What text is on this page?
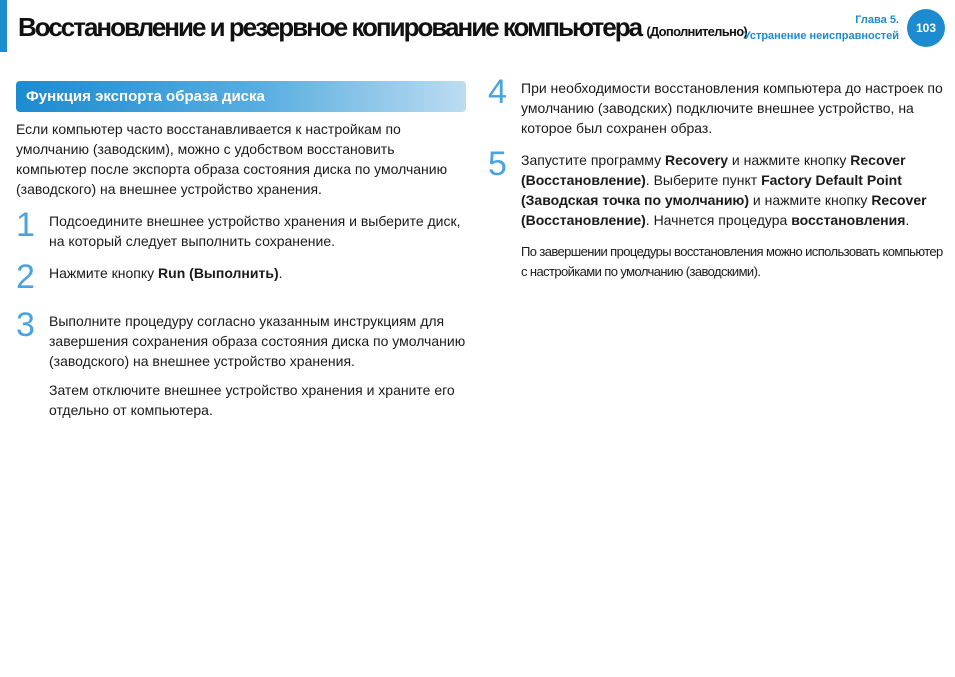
Восстановление и резервное копирование компьютера (Дополнительно)
Глава 5.
Устранение неисправностей
103
Функция экспорта образа диска

Если компьютер часто восстанавливается к настройкам по умолчанию (заводским), можно с удобством восстановить компьютер после экспорта образа состояния диска по умолчанию (заводского) на внешнее устройство хранения.

1 Подсоедините внешнее устройство хранения и выберите диск, на который следует выполнить сохранение.

2 Нажмите кнопку Run (Выполнить).

3 Выполните процедуру согласно указанным инструкциям для завершения сохранения образа состояния диска по умолчанию (заводского) на внешнее устройство хранения.

Затем отключите внешнее устройство хранения и храните его отдельно от компьютера.

4 При необходимости восстановления компьютера до настроек по умолчанию (заводских) подключите внешнее устройство, на которое был сохранен образ.

5 Запустите программу Recovery и нажмите кнопку Recover (Восстановление). Выберите пункт Factory Default Point (Заводская точка по умолчанию) и нажмите кнопку Recover (Восстановление). Начнется процедура восстановления.

По завершении процедуры восстановления можно использовать компьютер с настройками по умолчанию (заводскими).
